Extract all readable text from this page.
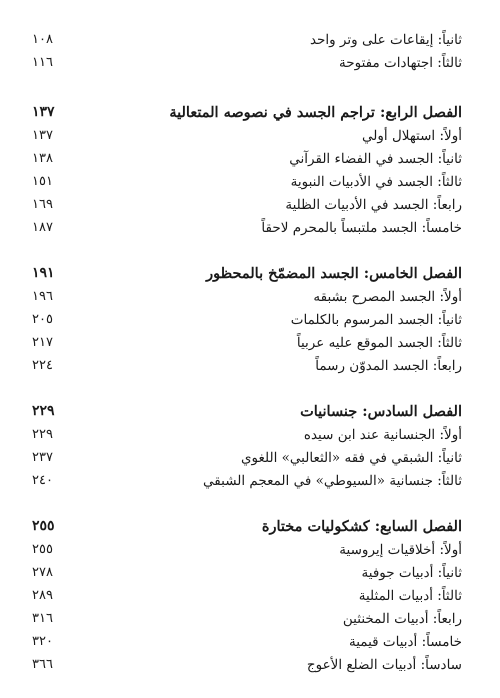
١٠٨	ثانياً: إيقاعات على وتر واحد
١١٦	ثالثاً: اجتهادات مفتوحة
١٣٧	الفصل الرابع: تراجم الجسد في نصوصه المتعالية
١٣٧	أولاً: استهلال أولي
١٣٨	ثانياً: الجسد في الفضاء القرآني
١٥١	ثالثاً: الجسد في الأدبيات النبوية
١٦٩	رابعاً: الجسد في الأدبيات الظلية
١٨٧	خامساً: الجسد ملتبساً بالمحرم لاحقاً
١٩١	الفصل الخامس: الجسد المضمّخ بالمحظور
١٩٦	أولاً: الجسد المصرح بشبقه
٢٠٥	ثانياً: الجسد المرسوم بالكلمات
٢١٧	ثالثاً: الجسد الموقع عليه عربياً
٢٢٤	رابعاً: الجسد المدوّن رسماً
٢٢٩	الفصل السادس: جنسانيات
٢٢٩	أولاً: الجنسانية عند ابن سيده
٢٣٧	ثانياً: الشبقي في فقه «الثعالبي» اللغوي
٢٤٠	ثالثاً: جنسانية «السيوطي» في المعجم الشبقي
٢٥٥	الفصل السابع: كشكوليات مختارة
٢٥٥	أولاً: أخلاقيات إيروسية
٢٧٨	ثانياً: أدبيات جوفية
٢٨٩	ثالثاً: أدبيات المثلية
٣١٦	رابعاً: أدبيات المخنثين
٣٢٠	خامساً: أدبيات قيمية
٣٦٦	سادساً: أدبيات الضلع الأعوج
